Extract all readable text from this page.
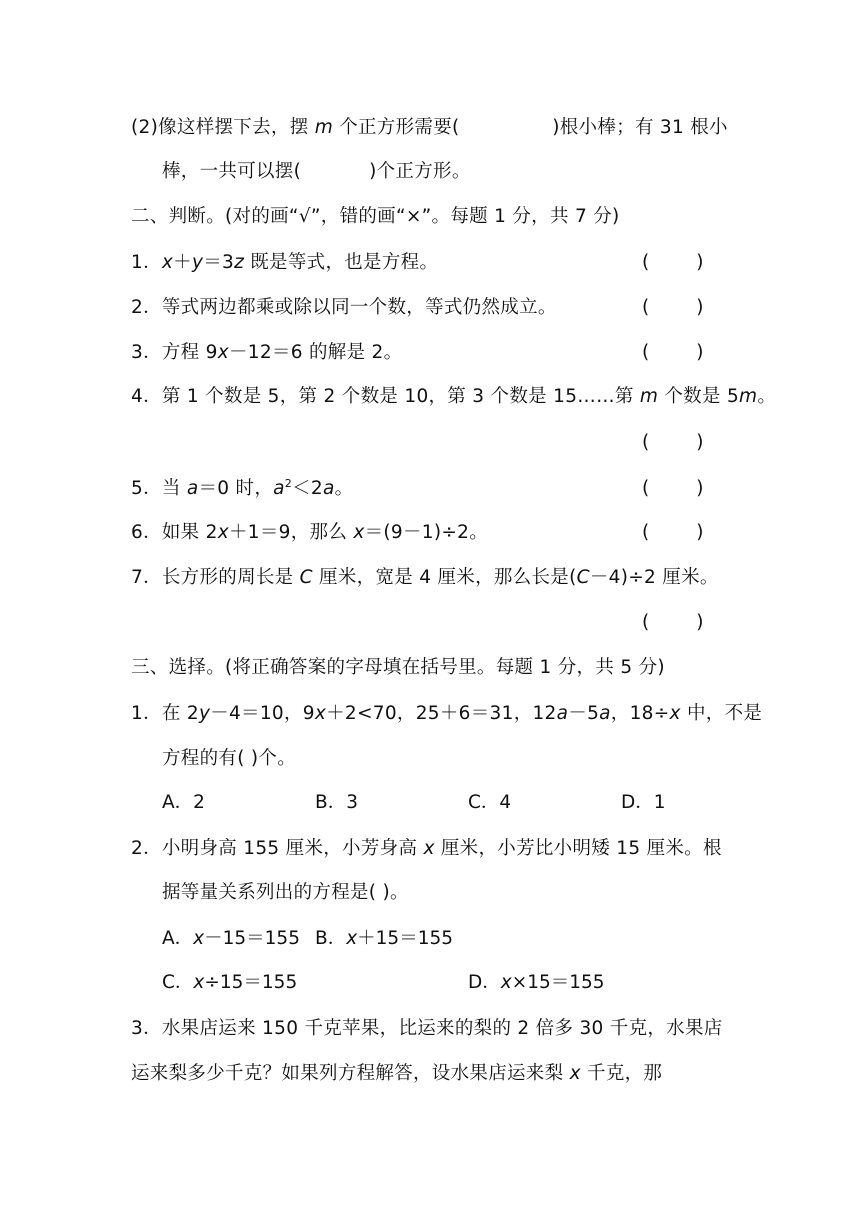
(2)像这样摆下去，摆 m 个正方形需要(	)根小棒；有 31 根小
棒，一共可以摆(	)个正方形。
二、判断。(对的画“√”，错的画“×”。每题 1 分，共 7 分)
1．x＋y＝3z 既是等式，也是方程。	(        )
2．等式两边都乘或除以同一个数，等式仍然成立。	(        )
3．方程 9x－12＝6 的解是 2。	(        )
4．第 1 个数是 5，第 2 个数是 10，第 3 个数是 15……第 m 个数是 5m。
(        )
5．当 a＝0 时，$a^2<2a$。	(        )
6．如果 2x＋1＝9，那么 x＝(9－1)÷2。	(        )
7．长方形的周长是 C 厘米，宽是 4 厘米，那么长是(C－4)÷2 厘米。
(        )
三、选择。(将正确答案的字母填在括号里。每题 1 分，共 5 分)
1．在 2y－4＝10，9x＋2<70，25＋6＝31，12a－5a，18÷x 中，不是
方程的有( )个。
A．2	B．3	C．4	D．1
2．小明身高 155 厘米，小芳身高 x 厘米，小芳比小明矮 15 厘米。根
据等量关系列出的方程是( )。
A．x－15＝155 B．x＋15＝155
C．x÷15＝155	D．x×15＝155
3．水果店运来 150 千克苹果，比运来的梨的 2 倍多 30 千克，水果店
运来梨多少千克？如果列方程解答，设水果店运来梨 x 千克，那
